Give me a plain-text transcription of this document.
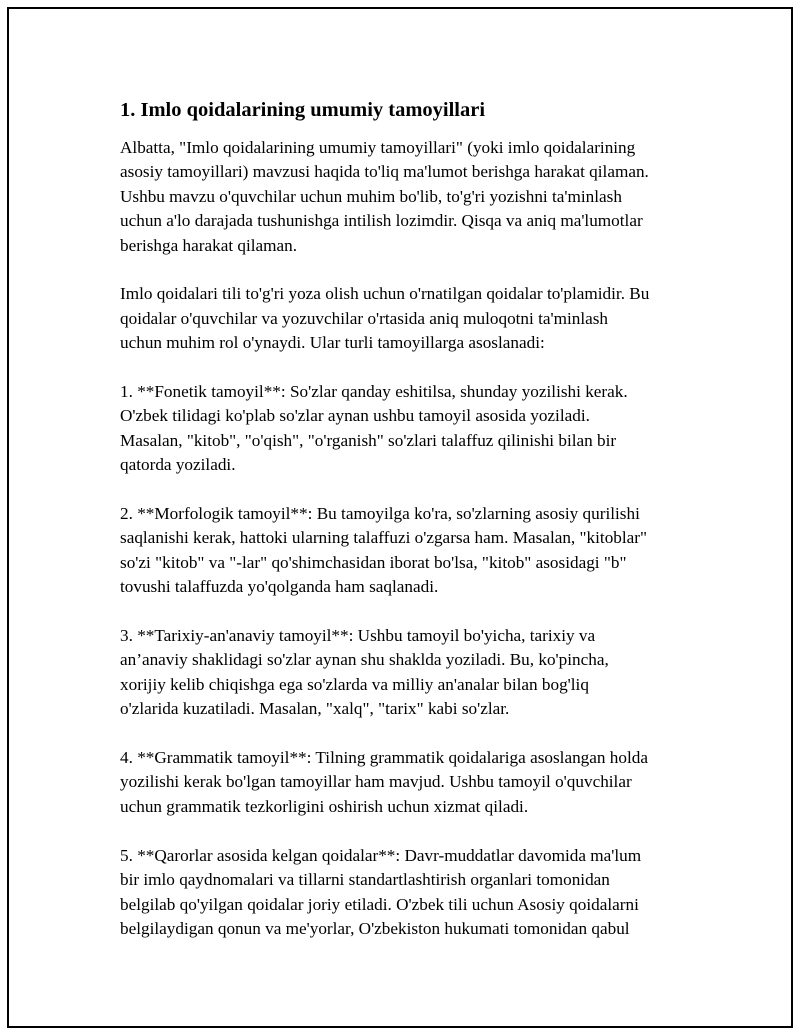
1. Imlo qoidalarining umumiy tamoyillari

Albatta, "Imlo qoidalarining umumiy tamoyillari" (yoki imlo qoidalarining
asosiy tamoyillari) mavzusi haqida to'liq ma'lumot berishga harakat qilaman.
Ushbu mavzu o'quvchilar uchun muhim bo'lib, to'g'ri yozishni ta'minlash
uchun a'lo darajada tushunishga intilish lozimdir. Qisqa va aniq ma'lumotlar
berishga harakat qilaman.

Imlo qoidalari tili to'g'ri yoza olish uchun o'rnatilgan qoidalar to'plamidir. Bu
qoidalar o'quvchilar va yozuvchilar o'rtasida aniq muloqotni ta'minlash
uchun muhim rol o'ynaydi. Ular turli tamoyillarga asoslanadi:

1. **Fonetik tamoyil**: So'zlar qanday eshitilsa, shunday yozilishi kerak.
O'zbek tilidagi ko'plab so'zlar aynan ushbu tamoyil asosida yoziladi.
Masalan, "kitob", "o'qish", "o'rganish" so'zlari talaffuz qilinishi bilan bir
qatorda yoziladi.

2. **Morfologik tamoyil**: Bu tamoyilga ko'ra, so'zlarning asosiy qurilishi
saqlanishi kerak, hattoki ularning talaffuzi o'zgarsa ham. Masalan, "kitoblar"
so'zi "kitob" va "-lar" qo'shimchasidan iborat bo'lsa, "kitob" asosidagi "b"
tovushi talaffuzda yo'qolganda ham saqlanadi.

3. **Tarixiy-an'anaviy tamoyil**: Ushbu tamoyil bo'yicha, tarixiy va
an’anaviy shaklidagi so'zlar aynan shu shaklda yoziladi. Bu, ko'pincha,
xorijiy kelib chiqishga ega so'zlarda va milliy an'analar bilan bog'liq
o'zlarida kuzatiladi. Masalan, "xalq", "tarix" kabi so'zlar.

4. **Grammatik tamoyil**: Tilning grammatik qoidalariga asoslangan holda
yozilishi kerak bo'lgan tamoyillar ham mavjud. Ushbu tamoyil o'quvchilar
uchun grammatik tezkorligini oshirish uchun xizmat qiladi.

5. **Qarorlar asosida kelgan qoidalar**: Davr-muddatlar davomida ma'lum
bir imlo qaydnomalari va tillarni standartlashtirish organlari tomonidan
belgilab qo'yilgan qoidalar joriy etiladi. O'zbek tili uchun Asosiy qoidalarni
belgilaydigan qonun va me'yorlar, O'zbekiston hukumati tomonidan qabul
